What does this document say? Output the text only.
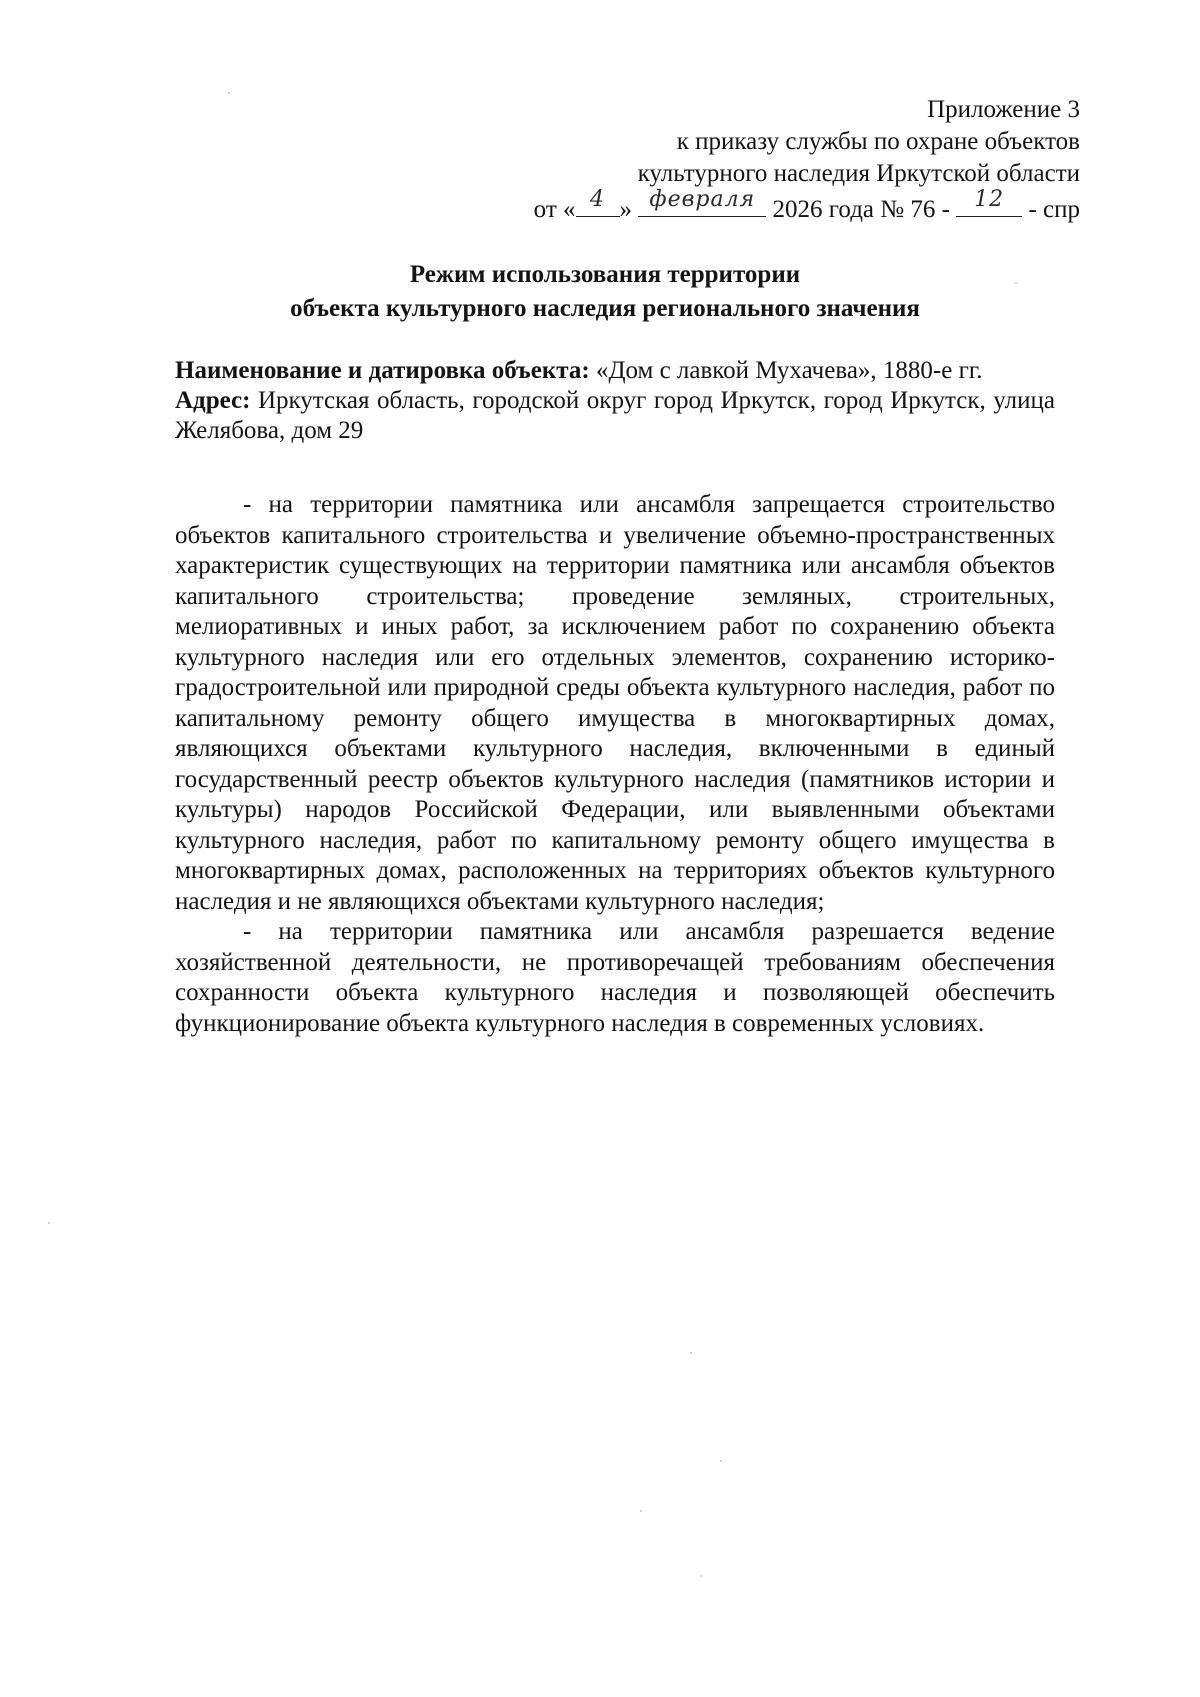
Приложение 3
к приказу службы по охране объектов
культурного наследия Иркутской области
от « 4 » февраля 2026 года № 76 - 12 - спр
Режим использования территории
объекта культурного наследия регионального значения

Наименование и датировка объекта: «Дом с лавкой Мухачева», 1880-е гг.

Адрес: Иркутская область, городской округ город Иркутск, город Иркутск, улица Желябова, дом 29

- на территории памятника или ансамбля запрещается строительство объектов капитального строительства и увеличение объемно-пространственных характеристик существующих на территории памятника или ансамбля объектов капитального строительства; проведение земляных, строительных, мелиоративных и иных работ, за исключением работ по сохранению объекта культурного наследия или его отдельных элементов, сохранению историко-градостроительной или природной среды объекта культурного наследия, работ по капитальному ремонту общего имущества в многоквартирных домах, являющихся объектами культурного наследия, включенными в единый государственный реестр объектов культурного наследия (памятников истории и культуры) народов Российской Федерации, или выявленными объектами культурного наследия, работ по капитальному ремонту общего имущества в многоквартирных домах, расположенных на территориях объектов культурного наследия и не являющихся объектами культурного наследия;

- на территории памятника или ансамбля разрешается ведение хозяйственной деятельности, не противоречащей требованиям обеспечения сохранности объекта культурного наследия и позволяющей обеспечить функционирование объекта культурного наследия в современных условиях.
